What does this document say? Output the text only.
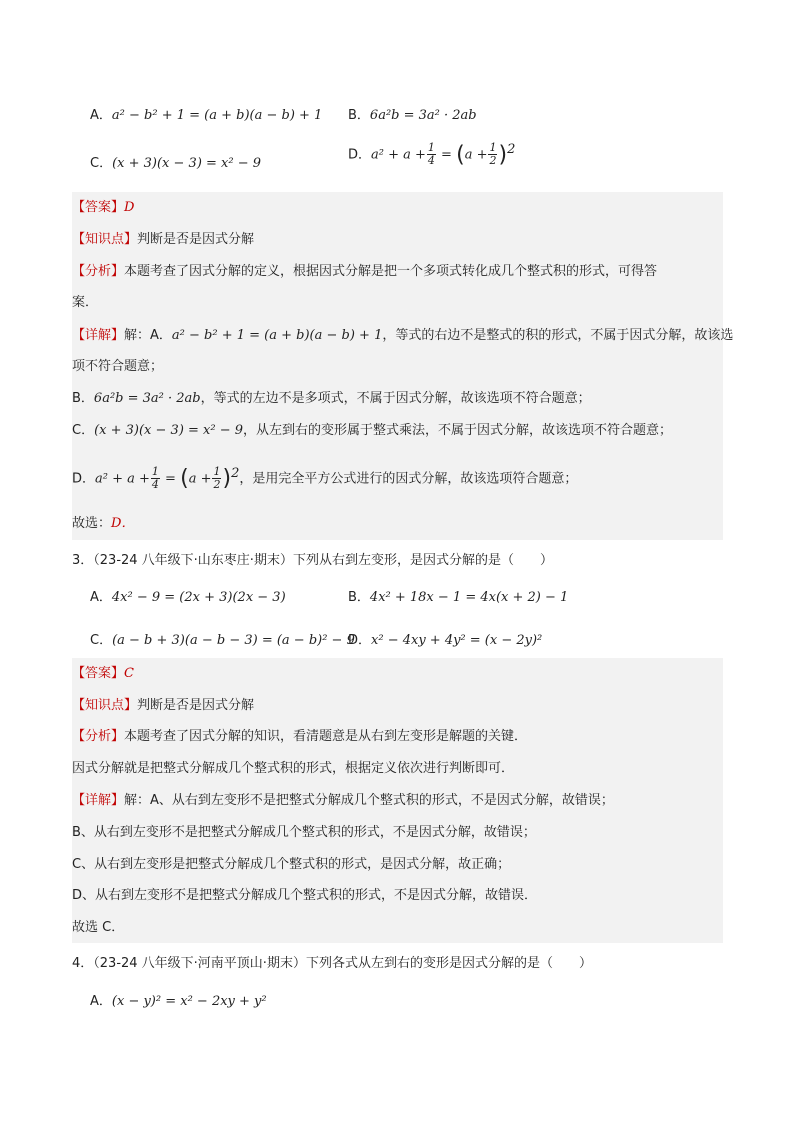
A．a² − b² + 1 = (a + b)(a − b) + 1 B．6a²b = 3a² · 2ab
C．(x + 3)(x − 3) = x² − 9
D．$a^2 + a + \frac{1}{4} = (a + \frac{1}{2} )^2$
【答案】D
【知识点】判断是否是因式分解
【分析】本题考查了因式分解的定义，根据因式分解是把一个多项式转化成几个整式积的形式，可得答
案．
【详解】解：A．a² − b² + 1 = (a + b)(a − b) + 1，等式的右边不是整式的积的形式，不属于因式分解，故该选
项不符合题意；
B．6a²b = 3a² · 2ab，等式的左边不是多项式，不属于因式分解，故该选项不符合题意；
C．(x + 3)(x − 3) = x² − 9，从左到右的变形属于整式乘法，不属于因式分解，故该选项不符合题意；
D．$a^2 + a + \frac{1}{4} = (a + \frac{1}{2} )^2$，是用完全平方公式进行的因式分解，故该选项符合题意；
故选：D．
3．（23-24 八年级下·山东枣庄·期末）下列从右到左变形，是因式分解的是（　　）
A．4x² − 9 = (2x + 3)(2x − 3)	B．4x² + 18x − 1 = 4x(x + 2) − 1
C．(a − b + 3)(a − b − 3) = (a − b)² − 9
D．x² − 4xy + 4y² = (x − 2y)²
【答案】C
【知识点】判断是否是因式分解
【分析】本题考查了因式分解的知识，看清题意是从右到左变形是解题的关键．
因式分解就是把整式分解成几个整式积的形式，根据定义依次进行判断即可．
【详解】解：A、从右到左变形不是把整式分解成几个整式积的形式，不是因式分解，故错误；
B、从右到左变形不是把整式分解成几个整式积的形式，不是因式分解，故错误；
C、从右到左变形是把整式分解成几个整式积的形式，是因式分解，故正确；
D、从右到左变形不是把整式分解成几个整式积的形式，不是因式分解，故错误．
故选 C．
4．（23-24 八年级下·河南平顶山·期末）下列各式从左到右的变形是因式分解的是（　　）
A．(x − y)² = x² − 2xy + y²
